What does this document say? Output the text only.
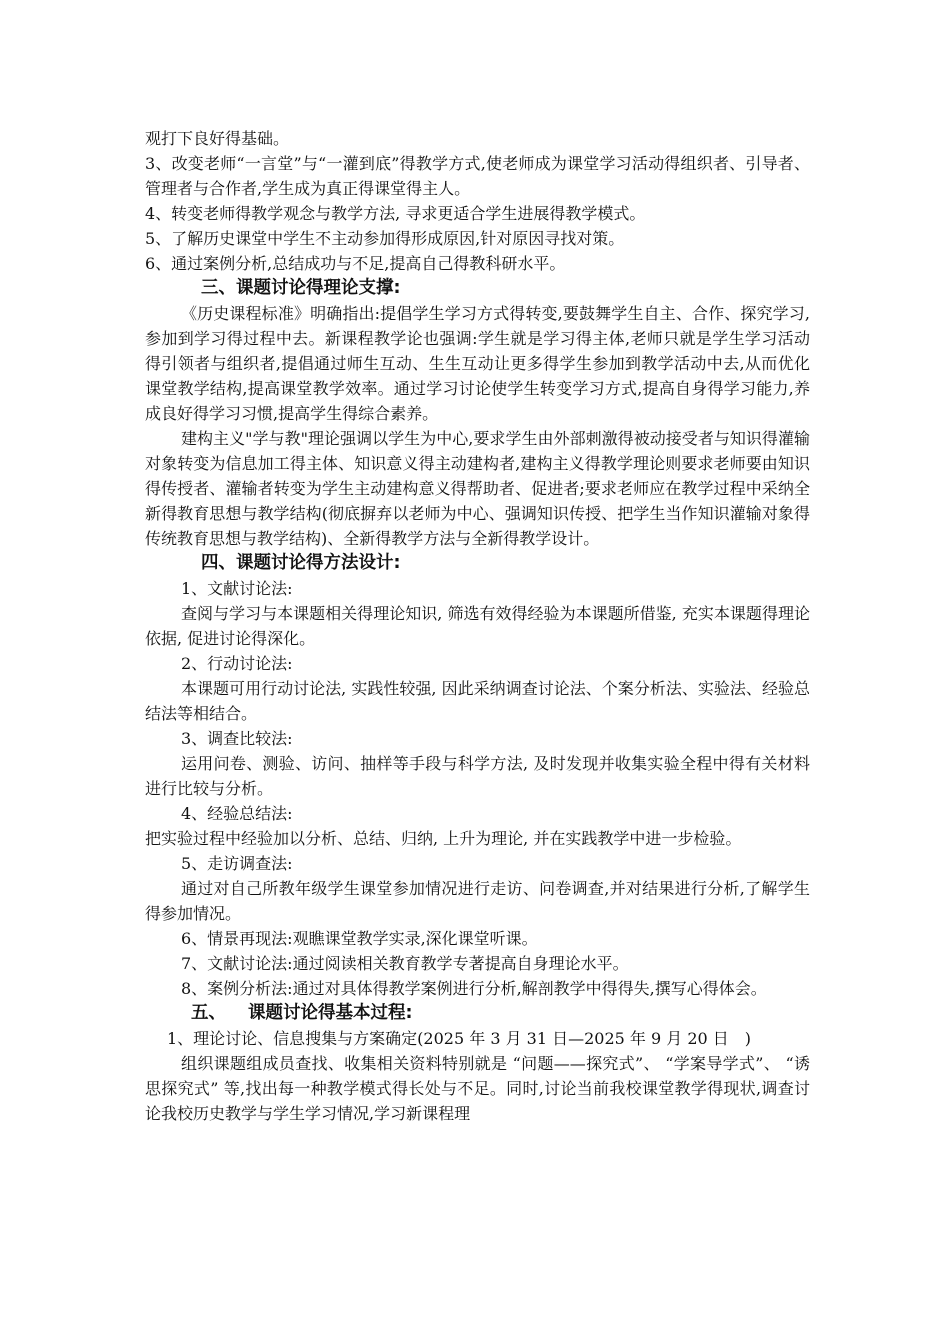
观打下良好得基础。

3、改变老师“一言堂”与“一灌到底”得教学方式,使老师成为课堂学习活动得组织者、引导者、管理者与合作者,学生成为真正得课堂得主人。

4、转变老师得教学观念与教学方法, 寻求更适合学生进展得教学模式。

5、了解历史课堂中学生不主动参加得形成原因,针对原因寻找对策。

6、通过案例分析,总结成功与不足,提高自己得教科研水平。

三、课题讨论得理论支撑:

《历史课程标准》明确指出:提倡学生学习方式得转变,要鼓舞学生自主、合作、探究学习,参加到学习得过程中去。新课程教学论也强调:学生就是学习得主体,老师只就是学生学习活动得引领者与组织者,提倡通过师生互动、生生互动让更多得学生参加到教学活动中去,从而优化课堂教学结构,提高课堂教学效率。通过学习讨论使学生转变学习方式,提高自身得学习能力,养成良好得学习习惯,提高学生得综合素养。

建构主义"学与教"理论强调以学生为中心,要求学生由外部刺激得被动接受者与知识得灌输对象转变为信息加工得主体、知识意义得主动建构者,建构主义得教学理论则要求老师要由知识得传授者、灌输者转变为学生主动建构意义得帮助者、促进者;要求老师应在教学过程中采纳全新得教育思想与教学结构(彻底摒弃以老师为中心、强调知识传授、把学生当作知识灌输对象得传统教育思想与教学结构)、全新得教学方法与全新得教学设计。

四、课题讨论得方法设计:

1、文献讨论法:

查阅与学习与本课题相关得理论知识, 筛选有效得经验为本课题所借鉴, 充实本课题得理论依据, 促进讨论得深化。

2、行动讨论法:

本课题可用行动讨论法, 实践性较强, 因此采纳调查讨论法、个案分析法、实验法、经验总结法等相结合。

3、调查比较法:

运用问卷、测验、访问、抽样等手段与科学方法, 及时发现并收集实验全程中得有关材料进行比较与分析。

4、经验总结法:

把实验过程中经验加以分析、总结、归纳, 上升为理论, 并在实践教学中进一步检验。

5、走访调查法:

通过对自己所教年级学生课堂参加情况进行走访、问卷调查,并对结果进行分析,了解学生得参加情况。

6、情景再现法:观瞧课堂教学实录,深化课堂听课。

7、文献讨论法:通过阅读相关教育教学专著提高自身理论水平。

8、案例分析法:通过对具体得教学案例进行分析,解剖教学中得得失,撰写心得体会。

五、 课题讨论得基本过程:

1、理论讨论、信息搜集与方案确定(2025 年 3 月 31 日—2025 年 9 月 20 日　)

组织课题组成员查找、收集相关资料特别就是 “问题——探究式”、 “学案导学式”、 “诱思探究式” 等,找出每一种教学模式得长处与不足。同时,讨论当前我校课堂教学得现状,调查讨论我校历史教学与学生学习情况,学习新课程理
